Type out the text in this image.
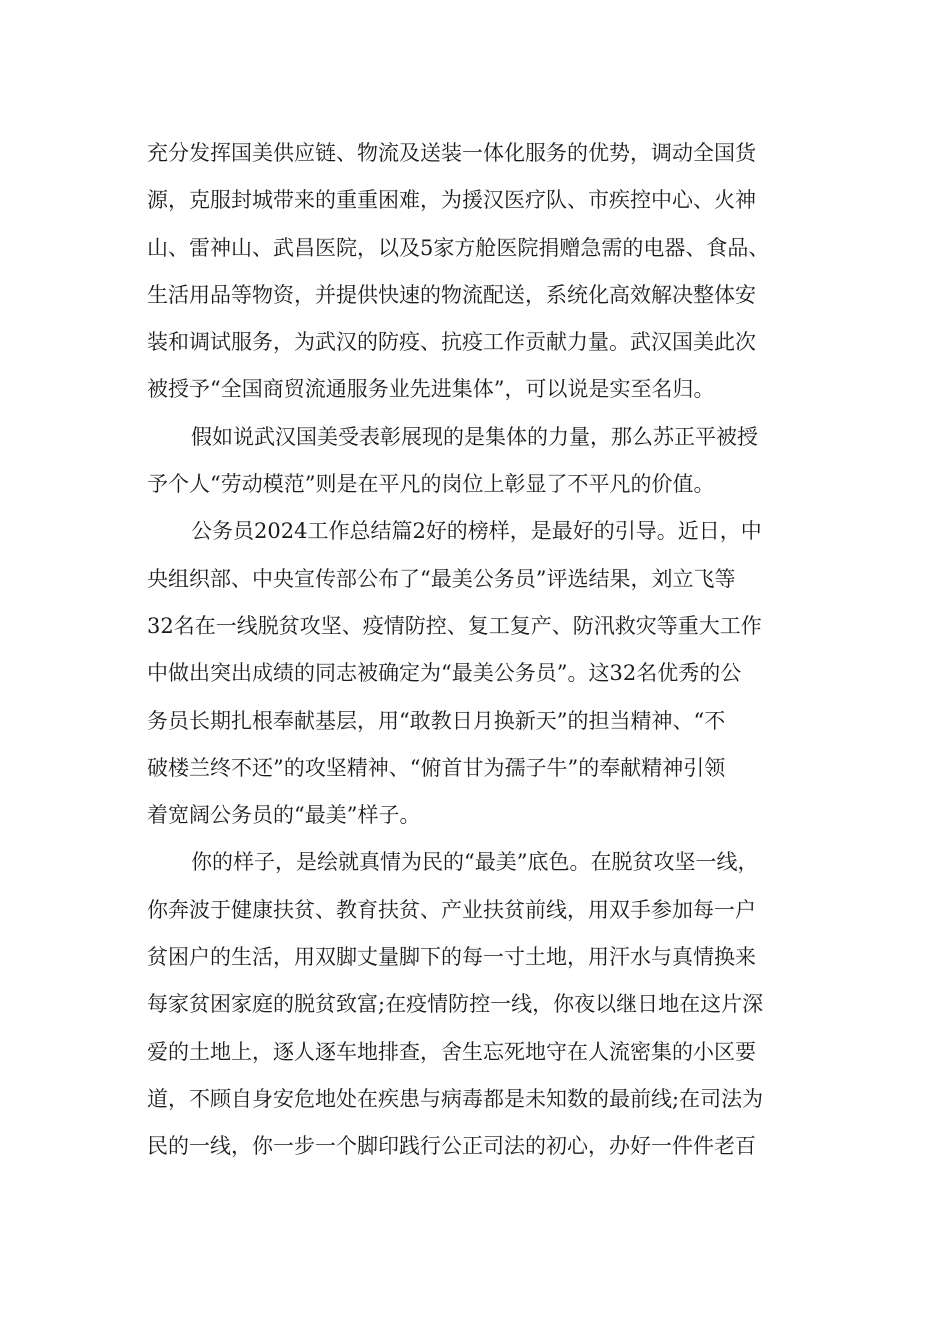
充分发挥国美供应链、物流及送装一体化服务的优势，调动全国货
源，克服封城带来的重重困难，为援汉医疗队、市疾控中心、火神
山、雷神山、武昌医院，以及5家方舱医院捐赠急需的电器、食品、
生活用品等物资，并提供快速的物流配送，系统化高效解决整体安
装和调试服务，为武汉的防疫、抗疫工作贡献力量。武汉国美此次
被授予“全国商贸流通服务业先进集体”，可以说是实至名归。
假如说武汉国美受表彰展现的是集体的力量，那么苏正平被授
予个人“劳动模范”则是在平凡的岗位上彰显了不平凡的价值。
公务员2024工作总结篇2好的榜样，是最好的引导。近日，中
央组织部、中央宣传部公布了“最美公务员”评选结果，刘立飞等
32名在一线脱贫攻坚、疫情防控、复工复产、防汛救灾等重大工作
中做出突出成绩的同志被确定为“最美公务员”。这32名优秀的公
务员长期扎根奉献基层，用“敢教日月换新天”的担当精神、“不
破楼兰终不还”的攻坚精神、“俯首甘为孺子牛”的奉献精神引领
着宽阔公务员的“最美”样子。
你的样子，是绘就真情为民的“最美”底色。在脱贫攻坚一线，
你奔波于健康扶贫、教育扶贫、产业扶贫前线，用双手参加每一户
贫困户的生活，用双脚丈量脚下的每一寸土地，用汗水与真情换来
每家贫困家庭的脱贫致富;在疫情防控一线，你夜以继日地在这片深
爱的土地上，逐人逐车地排查，舍生忘死地守在人流密集的小区要
道，不顾自身安危地处在疾患与病毒都是未知数的最前线;在司法为
民的一线，你一步一个脚印践行公正司法的初心，办好一件件老百
